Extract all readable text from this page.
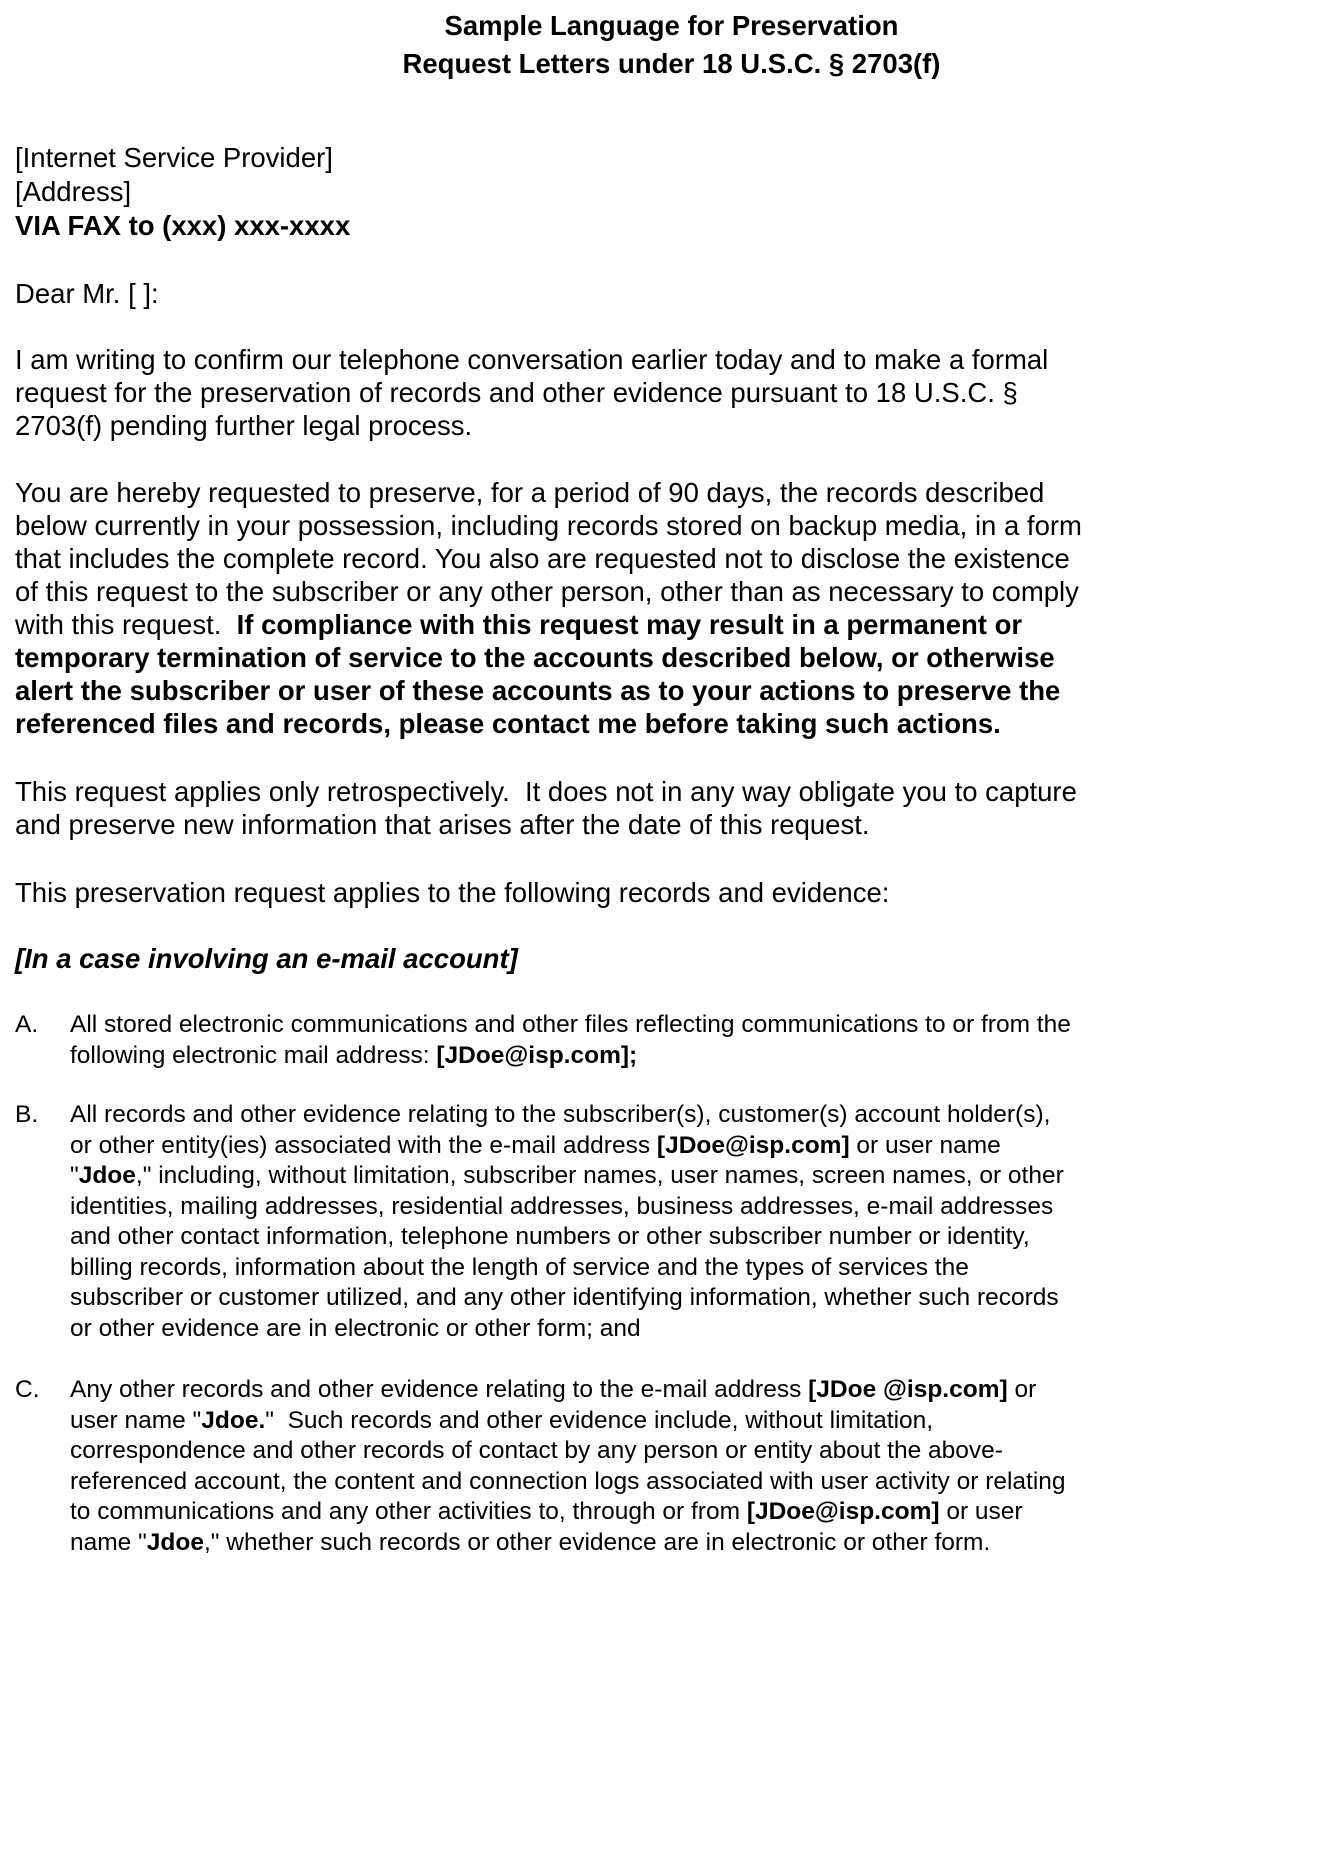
Sample Language for Preservation
Request Letters under 18 U.S.C. § 2703(f)
[Internet Service Provider]
[Address]
VIA FAX to (xxx) xxx-xxxx
Dear Mr. [ ]:
I am writing to confirm our telephone conversation earlier today and to make a formal
request for the preservation of records and other evidence pursuant to 18 U.S.C. §
2703(f) pending further legal process.
You are hereby requested to preserve, for a period of 90 days, the records described
below currently in your possession, including records stored on backup media, in a form
that includes the complete record. You also are requested not to disclose the existence
of this request to the subscriber or any other person, other than as necessary to comply
with this request.  If compliance with this request may result in a permanent or
temporary termination of service to the accounts described below, or otherwise
alert the subscriber or user of these accounts as to your actions to preserve the
referenced files and records, please contact me before taking such actions.
This request applies only retrospectively.  It does not in any way obligate you to capture
and preserve new information that arises after the date of this request.
This preservation request applies to the following records and evidence:
[In a case involving an e-mail account]
A. All stored electronic communications and other files reflecting communications to or from the
following electronic mail address: [JDoe@isp.com];
B. All records and other evidence relating to the subscriber(s), customer(s) account holder(s),
or other entity(ies) associated with the e-mail address [JDoe@isp.com] or user name
"Jdoe," including, without limitation, subscriber names, user names, screen names, or other
identities, mailing addresses, residential addresses, business addresses, e-mail addresses
and other contact information, telephone numbers or other subscriber number or identity,
billing records, information about the length of service and the types of services the
subscriber or customer utilized, and any other identifying information, whether such records
or other evidence are in electronic or other form; and
C. Any other records and other evidence relating to the e-mail address [JDoe @isp.com] or
user name "Jdoe."  Such records and other evidence include, without limitation,
correspondence and other records of contact by any person or entity about the above-
referenced account, the content and connection logs associated with user activity or relating
to communications and any other activities to, through or from [JDoe@isp.com] or user
name "Jdoe," whether such records or other evidence are in electronic or other form.
